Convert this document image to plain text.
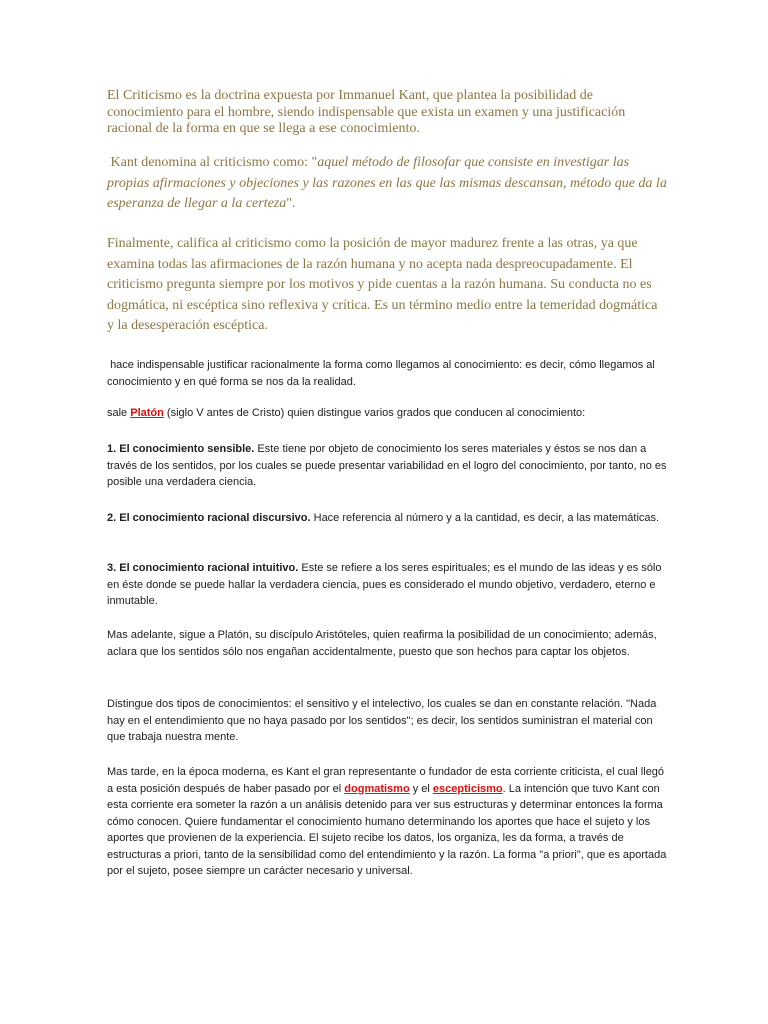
El Criticismo es la doctrina expuesta por Immanuel Kant, que plantea la posibilidad de conocimiento para el hombre, siendo indispensable que exista un examen y una justificación racional de la forma en que se llega a ese conocimiento.

Kant denomina al criticismo como: "aquel método de filosofar que consiste en investigar las propias afirmaciones y objeciones y las razones en las que las mismas descansan, método que da la esperanza de llegar a la certeza".

Finalmente, califica al criticismo como la posición de mayor madurez frente a las otras, ya que examina todas las afirmaciones de la razón humana y no acepta nada despreocupadamente. El criticismo pregunta siempre por los motivos y pide cuentas a la razón humana. Su conducta no es dogmática, ni escéptica sino reflexiva y crítica. Es un término medio entre la temeridad dogmática y la desesperación escéptica.

hace indispensable justificar racionalmente la forma como llegamos al conocimiento: es decir, cómo llegamos al conocimiento y en qué forma se nos da la realidad.

sale Platón (siglo V antes de Cristo) quien distingue varios grados que conducen al conocimiento:

1. El conocimiento sensible. Este tiene por objeto de conocimiento los seres materiales y éstos se nos dan a través de los sentidos, por los cuales se puede presentar variabilidad en el logro del conocimiento, por tanto, no es posible una verdadera ciencia.

2. El conocimiento racional discursivo. Hace referencia al número y a la cantidad, es decir, a las matemáticas.

3. El conocimiento racional intuitivo. Este se refiere a los seres espirituales; es el mundo de las ideas y es sólo en éste donde se puede hallar la verdadera ciencia, pues es considerado el mundo objetivo, verdadero, eterno e inmutable.

Mas adelante, sigue a Platón, su discípulo Aristóteles, quien reafirma la posibilidad de un conocimiento; además, aclara que los sentidos sólo nos engañan accidentalmente, puesto que son hechos para captar los objetos.

Distingue dos tipos de conocimientos: el sensitivo y el intelectivo, los cuales se dan en constante relación. "Nada hay en el entendimiento que no haya pasado por los sentidos"; es decir, los sentidos suministran el material con que trabaja nuestra mente.

Mas tarde, en la época moderna, es Kant el gran representante o fundador de esta corriente criticista, el cual llegó a esta posición después de haber pasado por el dogmatismo y el escepticismo. La intención que tuvo Kant con esta corriente era someter la razón a un análisis detenido para ver sus estructuras y determinar entonces la forma cómo conocen. Quiere fundamentar el conocimiento humano determinando los aportes que hace el sujeto y los aportes que provienen de la experiencia. El sujeto recibe los datos, los organiza, les da forma, a través de estructuras a priori, tanto de la sensibilidad como del entendimiento y la razón. La forma "a priori", que es aportada por el sujeto, posee siempre un carácter necesario y universal.
